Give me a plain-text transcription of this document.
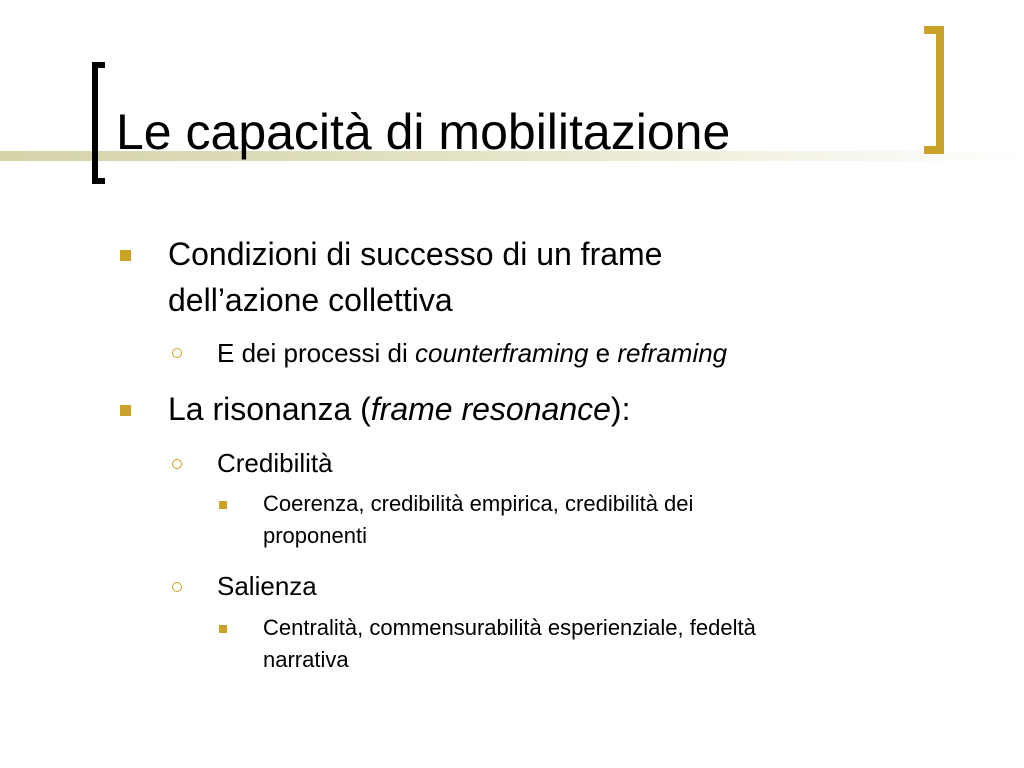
Le capacità di mobilitazione
Condizioni di successo di un frame
dell’azione collettiva
E dei processi di counterframing e reframing
La risonanza (frame resonance):
Credibilità
Coerenza, credibilità empirica, credibilità dei
proponenti
Salienza
Centralità, commensurabilità esperienziale, fedeltà
narrativa
